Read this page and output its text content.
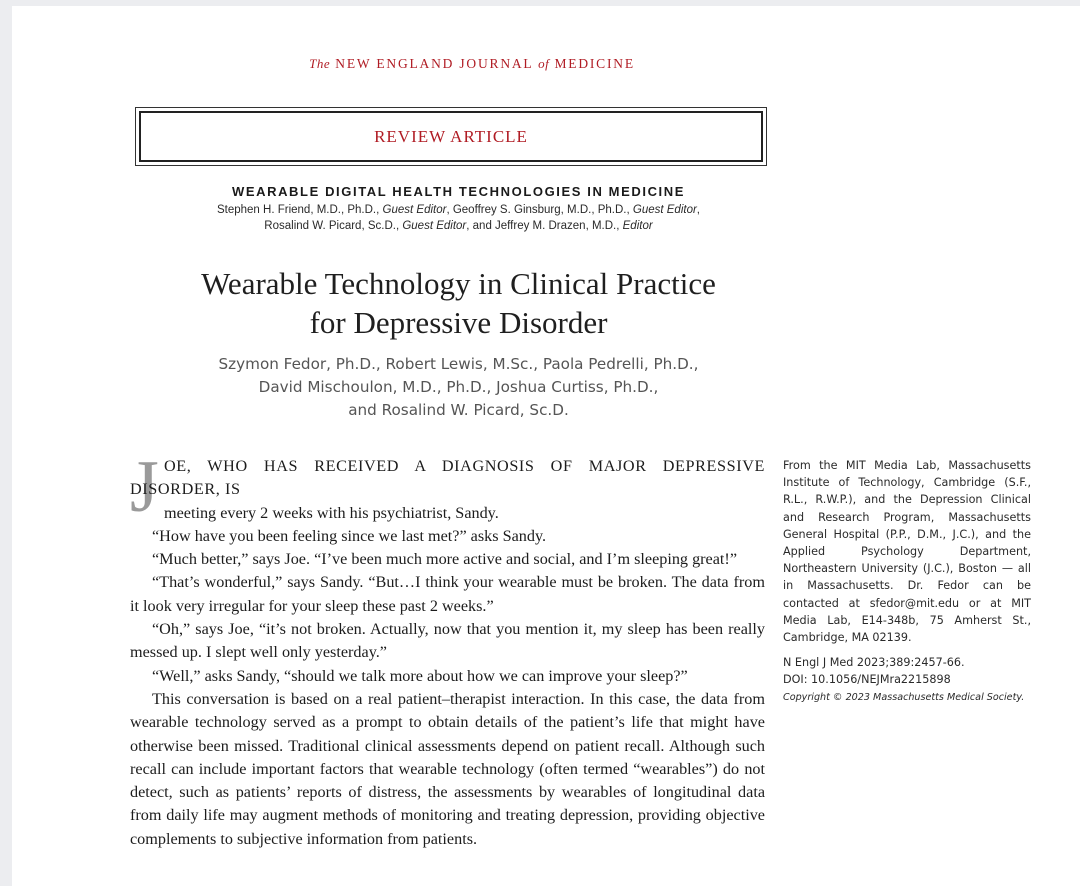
The NEW ENGLAND JOURNAL of MEDICINE
REVIEW ARTICLE
WEARABLE DIGITAL HEALTH TECHNOLOGIES IN MEDICINE
Stephen H. Friend, M.D., Ph.D., Guest Editor, Geoffrey S. Ginsburg, M.D., Ph.D., Guest Editor,
Rosalind W. Picard, Sc.D., Guest Editor, and Jeffrey M. Drazen, M.D., Editor
Wearable Technology in Clinical Practice
for Depressive Disorder
Szymon Fedor, Ph.D., Robert Lewis, M.Sc., Paola Pedrelli, Ph.D.,
David Mischoulon, M.D., Ph.D., Joshua Curtiss, Ph.D.,
and Rosalind W. Picard, Sc.D.
J OE, WHO HAS RECEIVED A DIAGNOSIS OF MAJOR DEPRESSIVE DISORDER, IS
meeting every 2 weeks with his psychiatrist, Sandy.

“How have you been feeling since we last met?” asks Sandy.

“Much better,” says Joe. “I’ve been much more active and social, and I’m sleeping great!”

“That’s wonderful,” says Sandy. “But…I think your wearable must be broken. The data from it look very irregular for your sleep these past 2 weeks.”

“Oh,” says Joe, “it’s not broken. Actually, now that you mention it, my sleep has been really messed up. I slept well only yesterday.”

“Well,” asks Sandy, “should we talk more about how we can improve your sleep?”

This conversation is based on a real patient–therapist interaction. In this case, the data from wearable technology served as a prompt to obtain details of the patient’s life that might have otherwise been missed. Traditional clinical assessments depend on patient recall. Although such recall can include important factors that wearable technology (often termed “wearables”) do not detect, such as patients’ reports of distress, the assessments by wearables of longitudinal data from daily life may augment methods of monitoring and treating depression, providing objective complements to subjective information from patients.

From the MIT Media Lab, Massachusetts Institute of Technology, Cambridge (S.F., R.L., R.W.P.), and the Depression Clinical and Research Program, Massachusetts General Hospital (P.P., D.M., J.C.), and the Applied Psychology Department, Northeastern University (J.C.), Boston — all in Massachusetts. Dr. Fedor can be contacted at sfedor@mit.edu or at MIT Media Lab, E14-348b, 75 Amherst St., Cambridge, MA 02139.

N Engl J Med 2023;389:2457-66.

DOI: 10.1056/NEJMra2215898

Copyright © 2023 Massachusetts Medical Society.
